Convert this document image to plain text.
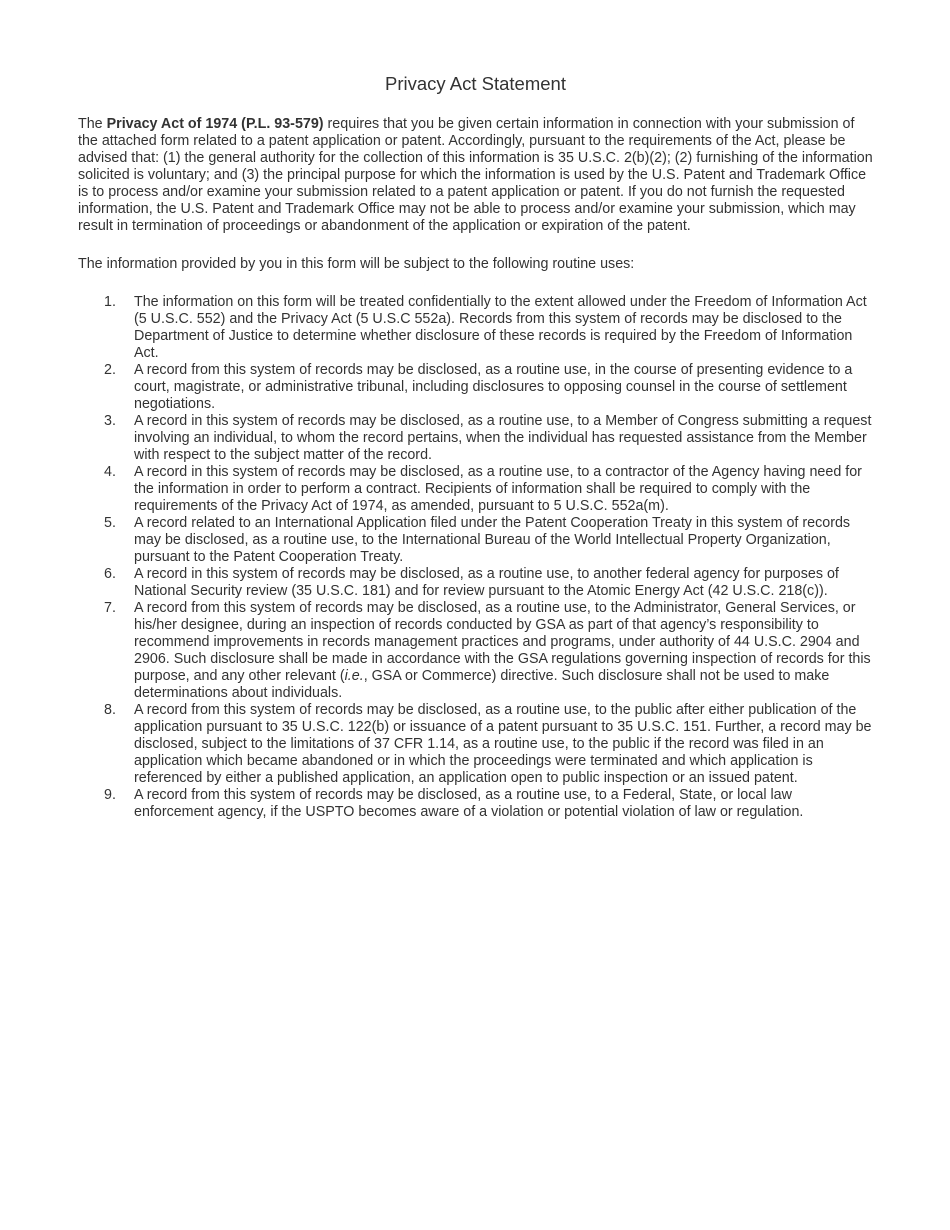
Privacy Act Statement

The Privacy Act of 1974 (P.L. 93-579) requires that you be given certain information in connection with your submission of the attached form related to a patent application or patent. Accordingly, pursuant to the requirements of the Act, please be advised that: (1) the general authority for the collection of this information is 35 U.S.C. 2(b)(2); (2) furnishing of the information solicited is voluntary; and (3) the principal purpose for which the information is used by the U.S. Patent and Trademark Office is to process and/or examine your submission related to a patent application or patent. If you do not furnish the requested information, the U.S. Patent and Trademark Office may not be able to process and/or examine your submission, which may result in termination of proceedings or abandonment of the application or expiration of the patent.

The information provided by you in this form will be subject to the following routine uses:

1. The information on this form will be treated confidentially to the extent allowed under the Freedom of Information Act (5 U.S.C. 552) and the Privacy Act (5 U.S.C 552a). Records from this system of records may be disclosed to the Department of Justice to determine whether disclosure of these records is required by the Freedom of Information Act.
2. A record from this system of records may be disclosed, as a routine use, in the course of presenting evidence to a court, magistrate, or administrative tribunal, including disclosures to opposing counsel in the course of settlement negotiations.
3. A record in this system of records may be disclosed, as a routine use, to a Member of Congress submitting a request involving an individual, to whom the record pertains, when the individual has requested assistance from the Member with respect to the subject matter of the record.
4. A record in this system of records may be disclosed, as a routine use, to a contractor of the Agency having need for the information in order to perform a contract. Recipients of information shall be required to comply with the requirements of the Privacy Act of 1974, as amended, pursuant to 5 U.S.C. 552a(m).
5. A record related to an International Application filed under the Patent Cooperation Treaty in this system of records may be disclosed, as a routine use, to the International Bureau of the World Intellectual Property Organization, pursuant to the Patent Cooperation Treaty.
6. A record in this system of records may be disclosed, as a routine use, to another federal agency for purposes of National Security review (35 U.S.C. 181) and for review pursuant to the Atomic Energy Act (42 U.S.C. 218(c)).
7. A record from this system of records may be disclosed, as a routine use, to the Administrator, General Services, or his/her designee, during an inspection of records conducted by GSA as part of that agency’s responsibility to recommend improvements in records management practices and programs, under authority of 44 U.S.C. 2904 and 2906. Such disclosure shall be made in accordance with the GSA regulations governing inspection of records for this purpose, and any other relevant (i.e., GSA or Commerce) directive. Such disclosure shall not be used to make determinations about individuals.
8. A record from this system of records may be disclosed, as a routine use, to the public after either publication of the application pursuant to 35 U.S.C. 122(b) or issuance of a patent pursuant to 35 U.S.C. 151. Further, a record may be disclosed, subject to the limitations of 37 CFR 1.14, as a routine use, to the public if the record was filed in an application which became abandoned or in which the proceedings were terminated and which application is referenced by either a published application, an application open to public inspection or an issued patent.
9. A record from this system of records may be disclosed, as a routine use, to a Federal, State, or local law enforcement agency, if the USPTO becomes aware of a violation or potential violation of law or regulation.
